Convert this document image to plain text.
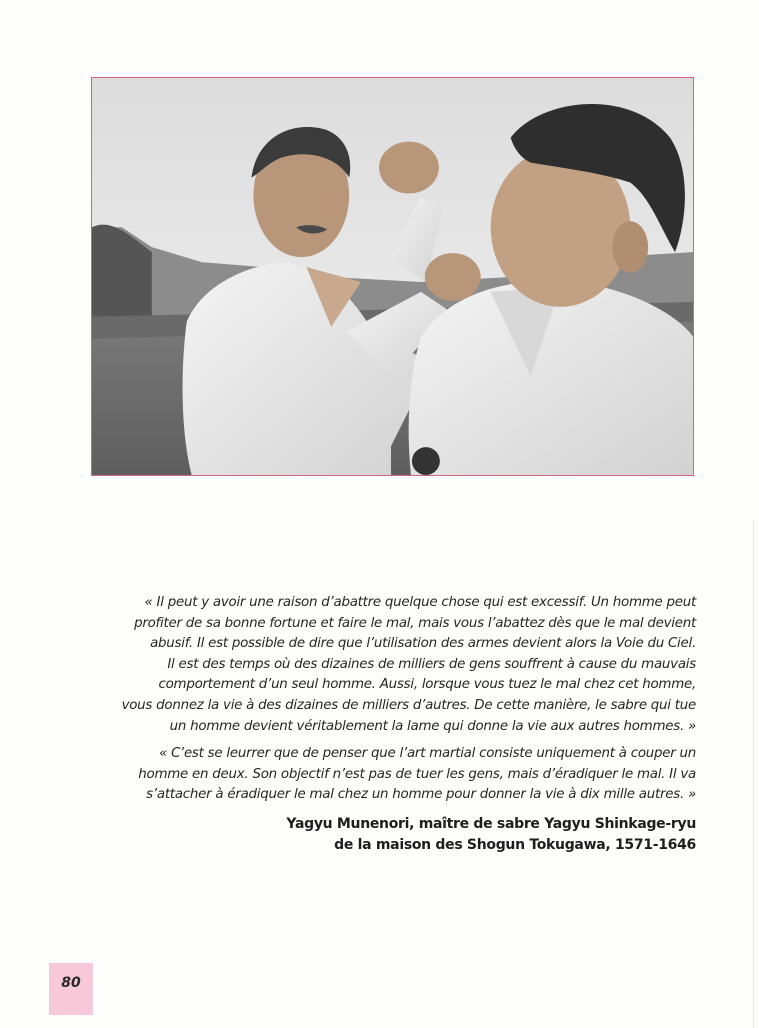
« Il peut y avoir une raison d’abattre quelque chose qui est excessif. Un homme peut
profiter de sa bonne fortune et faire le mal, mais vous l’abattez dès que le mal devient
abusif. Il est possible de dire que l’utilisation des armes devient alors la Voie du Ciel.
Il est des temps où des dizaines de milliers de gens souffrent à cause du mauvais
comportement d’un seul homme. Aussi, lorsque vous tuez le mal chez cet homme,
vous donnez la vie à des dizaines de milliers d’autres. De cette manière, le sabre qui tue
un homme devient véritablement la lame qui donne la vie aux autres hommes. »

« C’est se leurrer que de penser que l’art martial consiste uniquement à couper un
homme en deux. Son objectif n’est pas de tuer les gens, mais d’éradiquer le mal. Il va
s’attacher à éradiquer le mal chez un homme pour donner la vie à dix mille autres. »

Yagyu Munenori, maître de sabre Yagyu Shinkage-ryu
de la maison des Shogun Tokugawa, 1571-1646
80
